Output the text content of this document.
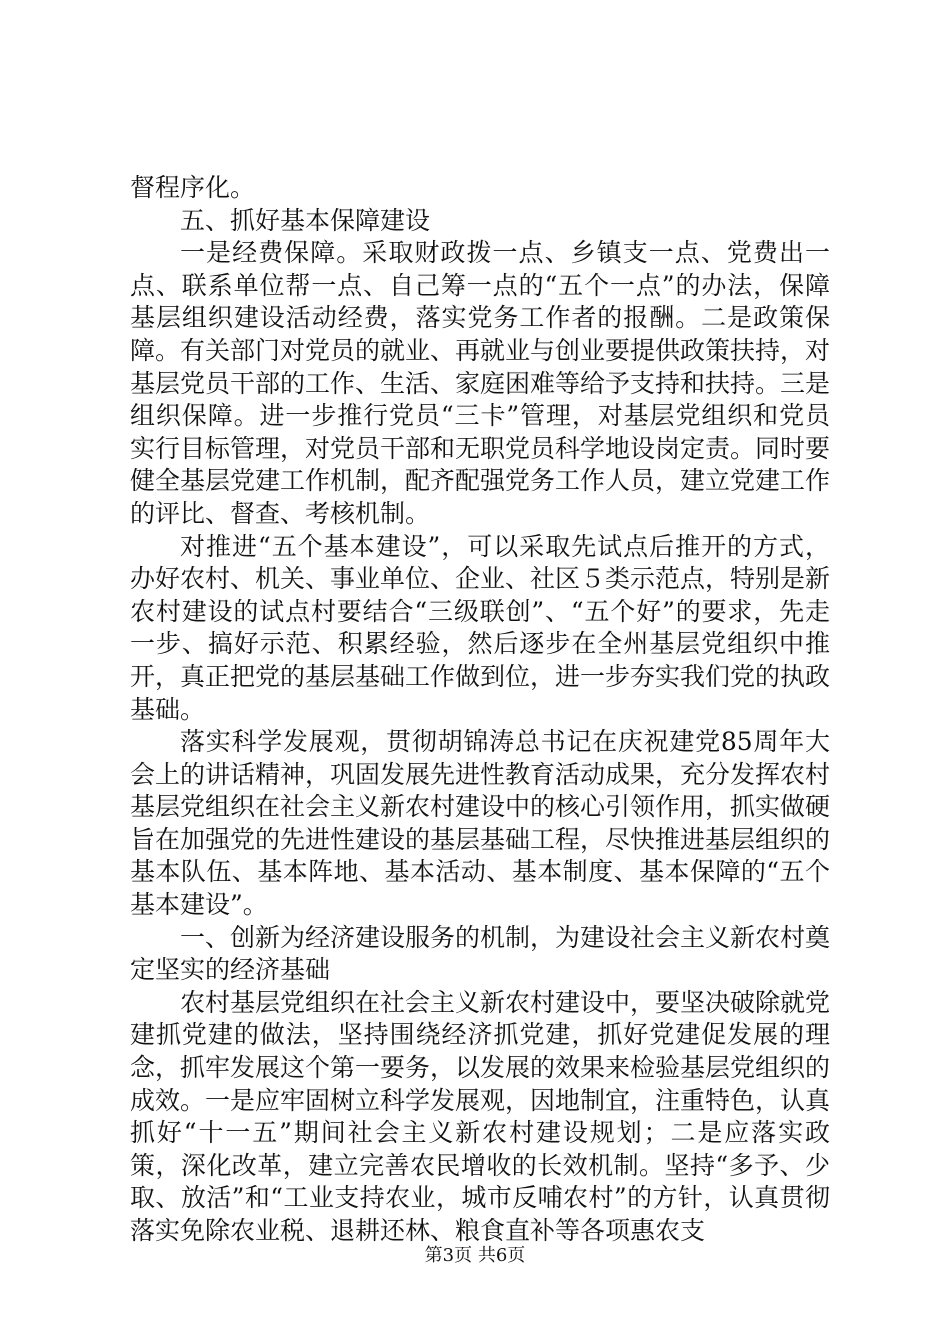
督程序化。

五、抓好基本保障建设

一是经费保障。采取财政拨一点、乡镇支一点、党费出一点、联系单位帮一点、自己筹一点的“五个一点”的办法，保障基层组织建设活动经费，落实党务工作者的报酬。二是政策保障。有关部门对党员的就业、再就业与创业要提供政策扶持，对基层党员干部的工作、生活、家庭困难等给予支持和扶持。三是组织保障。进一步推行党员“三卡”管理，对基层党组织和党员实行目标管理，对党员干部和无职党员科学地设岗定责。同时要健全基层党建工作机制，配齐配强党务工作人员，建立党建工作的评比、督查、考核机制。

对推进“五个基本建设”，可以采取先试点后推开的方式，办好农村、机关、事业单位、企业、社区５类示范点，特别是新农村建设的试点村要结合“三级联创”、“五个好”的要求，先走一步、搞好示范、积累经验，然后逐步在全州基层党组织中推开，真正把党的基层基础工作做到位，进一步夯实我们党的执政基础。

落实科学发展观，贯彻胡锦涛总书记在庆祝建党85周年大会上的讲话精神，巩固发展先进性教育活动成果，充分发挥农村基层党组织在社会主义新农村建设中的核心引领作用，抓实做硬旨在加强党的先进性建设的基层基础工程，尽快推进基层组织的基本队伍、基本阵地、基本活动、基本制度、基本保障的“五个基本建设”。

一、创新为经济建设服务的机制，为建设社会主义新农村奠定坚实的经济基础

农村基层党组织在社会主义新农村建设中，要坚决破除就党建抓党建的做法，坚持围绕经济抓党建，抓好党建促发展的理念，抓牢发展这个第一要务，以发展的效果来检验基层党组织的成效。一是应牢固树立科学发展观，因地制宜，注重特色，认真抓好“十一五”期间社会主义新农村建设规划；二是应落实政策，深化改革，建立完善农民增收的长效机制。坚持“多予、少取、放活”和“工业支持农业，城市反哺农村”的方针，认真贯彻落实免除农业税、退耕还林、粮食直补等各项惠农支

第3页 共6页
